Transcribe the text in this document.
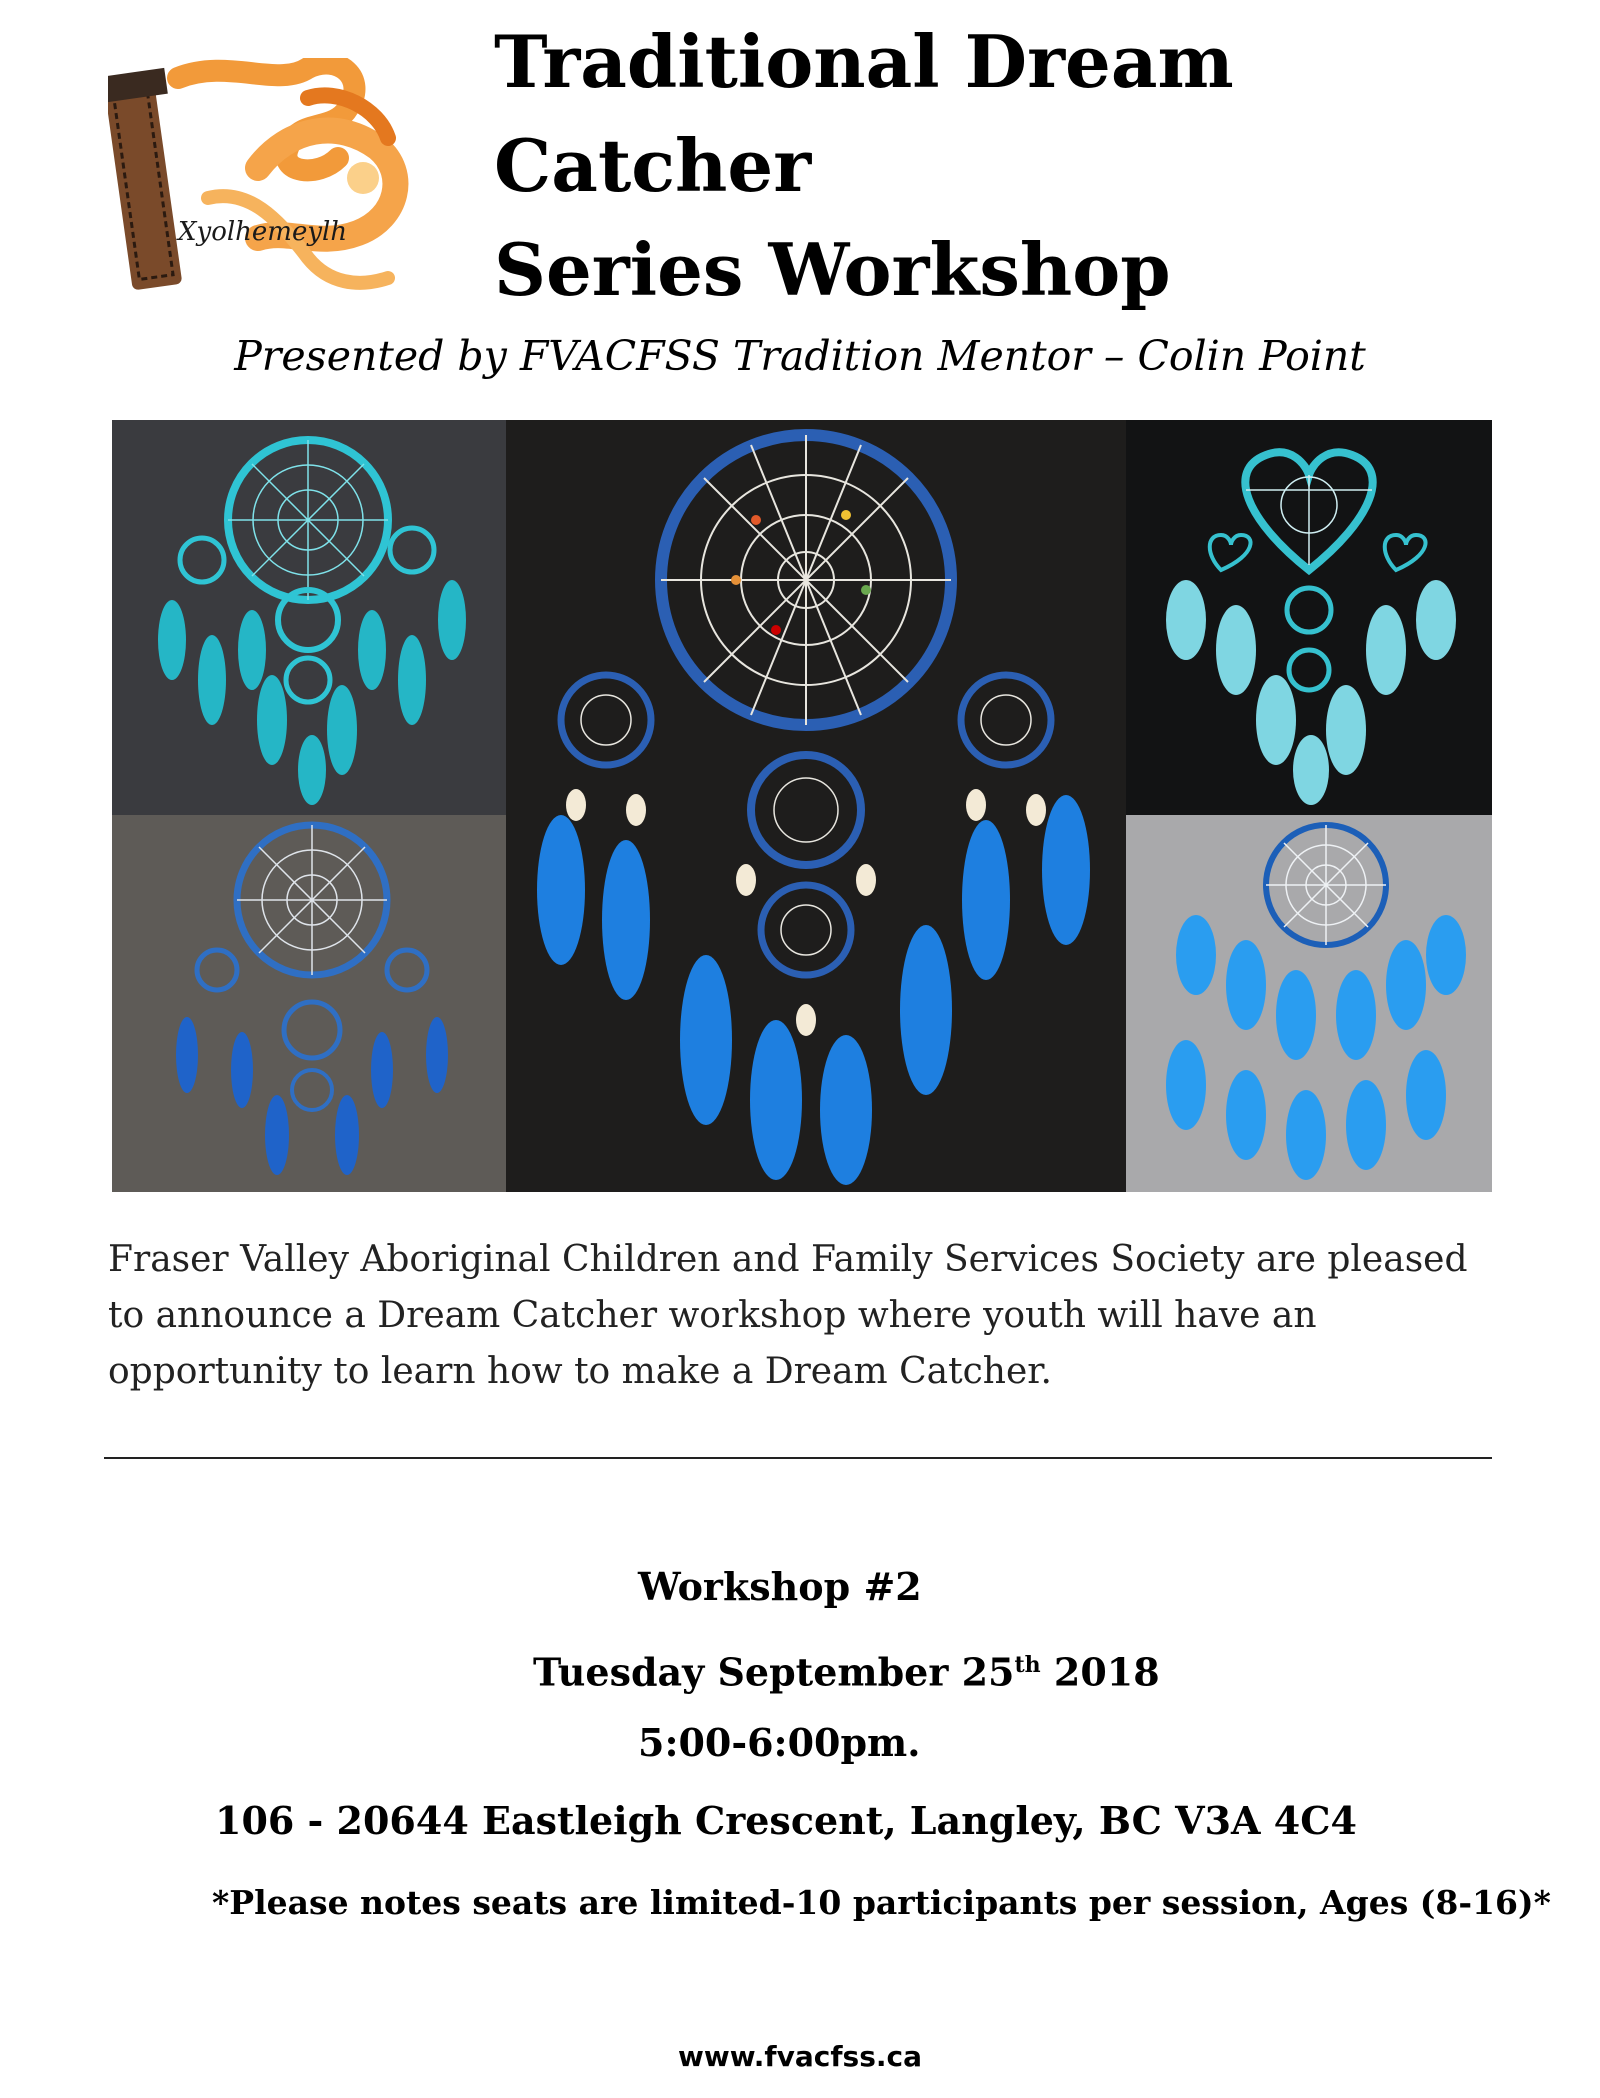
Xyolhemeylh
Traditional Dream Catcher
Series Workshop

Presented by FVACFSS Tradition Mentor – Colin Point

Fraser Valley Aboriginal Children and Family Services Society are pleased to announce a Dream Catcher workshop where youth will have an opportunity to learn how to make a Dream Catcher.

Workshop #2
Tuesday September 25th 2018
5:00-6:00pm.
106 - 20644 Eastleigh Crescent, Langley, BC V3A 4C4
*Please notes seats are limited-10 participants per session, Ages (8-16)*
www.fvacfss.ca
